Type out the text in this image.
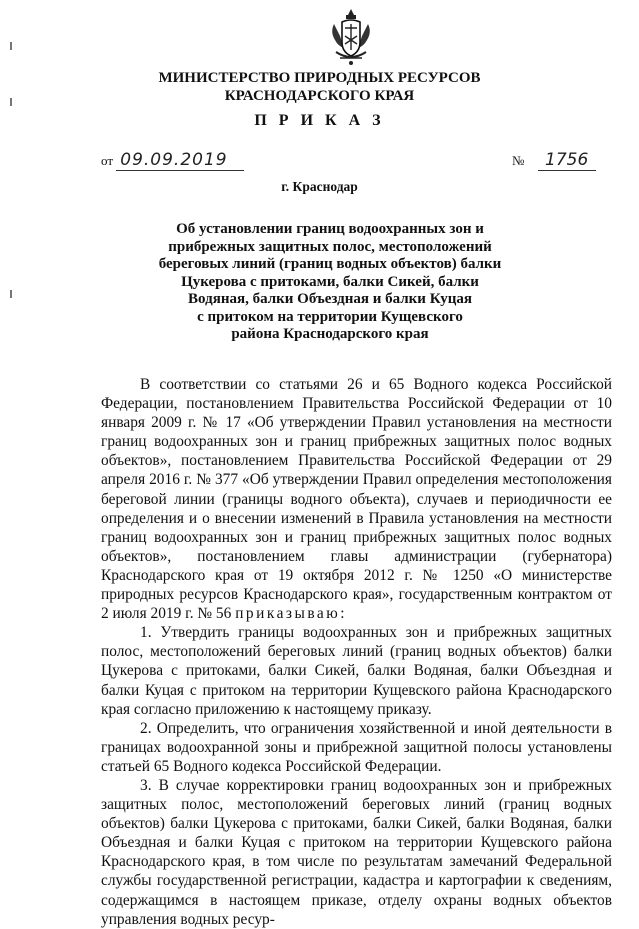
МИНИСТЕРСТВО ПРИРОДНЫХ РЕСУРСОВ
КРАСНОДАРСКОГО КРАЯ
П Р И К А З
от 09.09.2019	№ 1756
г. Краснодар
Об установлении границ водоохранных зон и
прибрежных защитных полос, местоположений
береговых линий (границ водных объектов) балки
Цукерова с притоками, балки Сикей, балки
Водяная, балки Объездная и балки Куцая
с притоком на территории Кущевского
района Краснодарского края

В соответствии со статьями 26 и 65 Водного кодекса Российской Федерации, постановлением Правительства Российской Федерации от 10 января 2009 г. № 17 «Об утверждении Правил установления на местности границ водоохранных зон и границ прибрежных защитных полос водных объектов», постановлением Правительства Российской Федерации от 29 апреля 2016 г. № 377 «Об утверждении Правил определения местоположения береговой линии (границы водного объекта), случаев и периодичности ее определения и о внесении изменений в Правила установления на местности границ водоохранных зон и границ прибрежных защитных полос водных объектов», постановлением главы администрации (губернатора) Краснодарского края от 19 октября 2012 г. № 1250 «О министерстве природных ресурсов Краснодарского края», государственным контрактом от 2 июля 2019 г. № 56 приказываю:

1. Утвердить границы водоохранных зон и прибрежных защитных полос, местоположений береговых линий (границ водных объектов) балки Цукерова с притоками, балки Сикей, балки Водяная, балки Объездная и балки Куцая с притоком на территории Кущевского района Краснодарского края согласно приложению к настоящему приказу.

2. Определить, что ограничения хозяйственной и иной деятельности в границах водоохранной зоны и прибрежной защитной полосы установлены статьей 65 Водного кодекса Российской Федерации.

3. В случае корректировки границ водоохранных зон и прибрежных защитных полос, местоположений береговых линий (границ водных объектов) балки Цукерова с притоками, балки Сикей, балки Водяная, балки Объездная и балки Куцая с притоком на территории Кущевского района Краснодарского края, в том числе по результатам замечаний Федеральной службы государственной регистрации, кадастра и картографии к сведениям, содержащимся в настоящем приказе, отделу охраны водных объектов управления водных ресур-
